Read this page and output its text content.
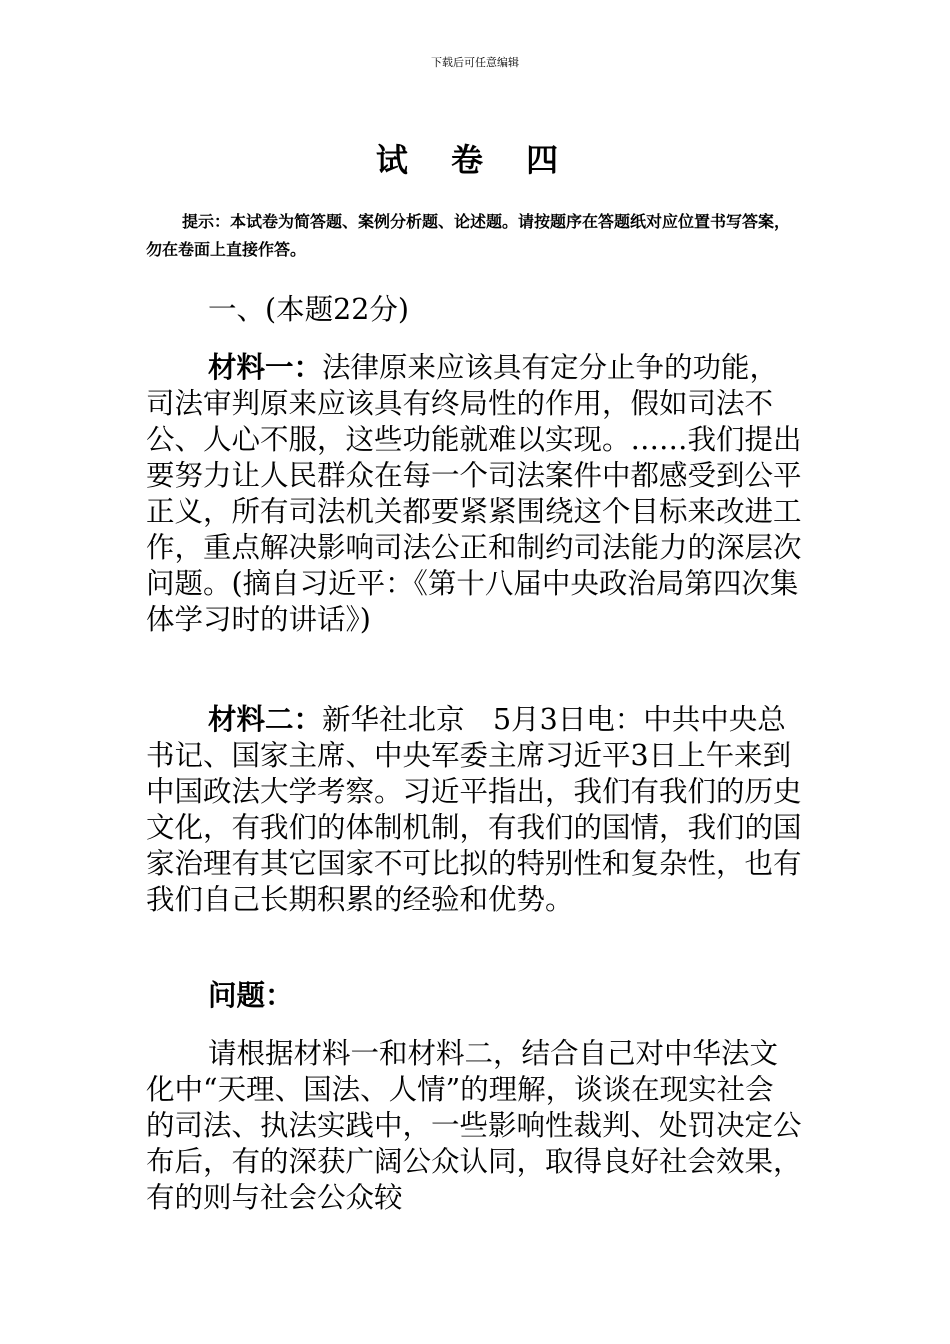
下载后可任意编辑
试 卷 四
提示：本试卷为简答题、案例分析题、论述题。请按题序在答题纸对应位置书写答案，勿在卷面上直接作答。
一、(本题22分)
材料一：法律原来应该具有定分止争的功能，司法审判原来应该具有终局性的作用，假如司法不公、人心不服，这些功能就难以实现。……我们提出要努力让人民群众在每一个司法案件中都感受到公平正义，所有司法机关都要紧紧围绕这个目标来改进工作，重点解决影响司法公正和制约司法能力的深层次问题。(摘自习近平：《第十八届中央政治局第四次集体学习时的讲话》)
材料二：新华社北京　5月3日电：中共中央总书记、国家主席、中央军委主席习近平3日上午来到中国政法大学考察。习近平指出，我们有我们的历史文化，有我们的体制机制，有我们的国情，我们的国家治理有其它国家不可比拟的特别性和复杂性，也有我们自己长期积累的经验和优势。
问题：
请根据材料一和材料二，结合自己对中华法文化中“天理、国法、人情”的理解，谈谈在现实社会的司法、执法实践中，一些影响性裁判、处罚决定公布后，有的深获广阔公众认同，取得良好社会效果，有的则与社会公众较
